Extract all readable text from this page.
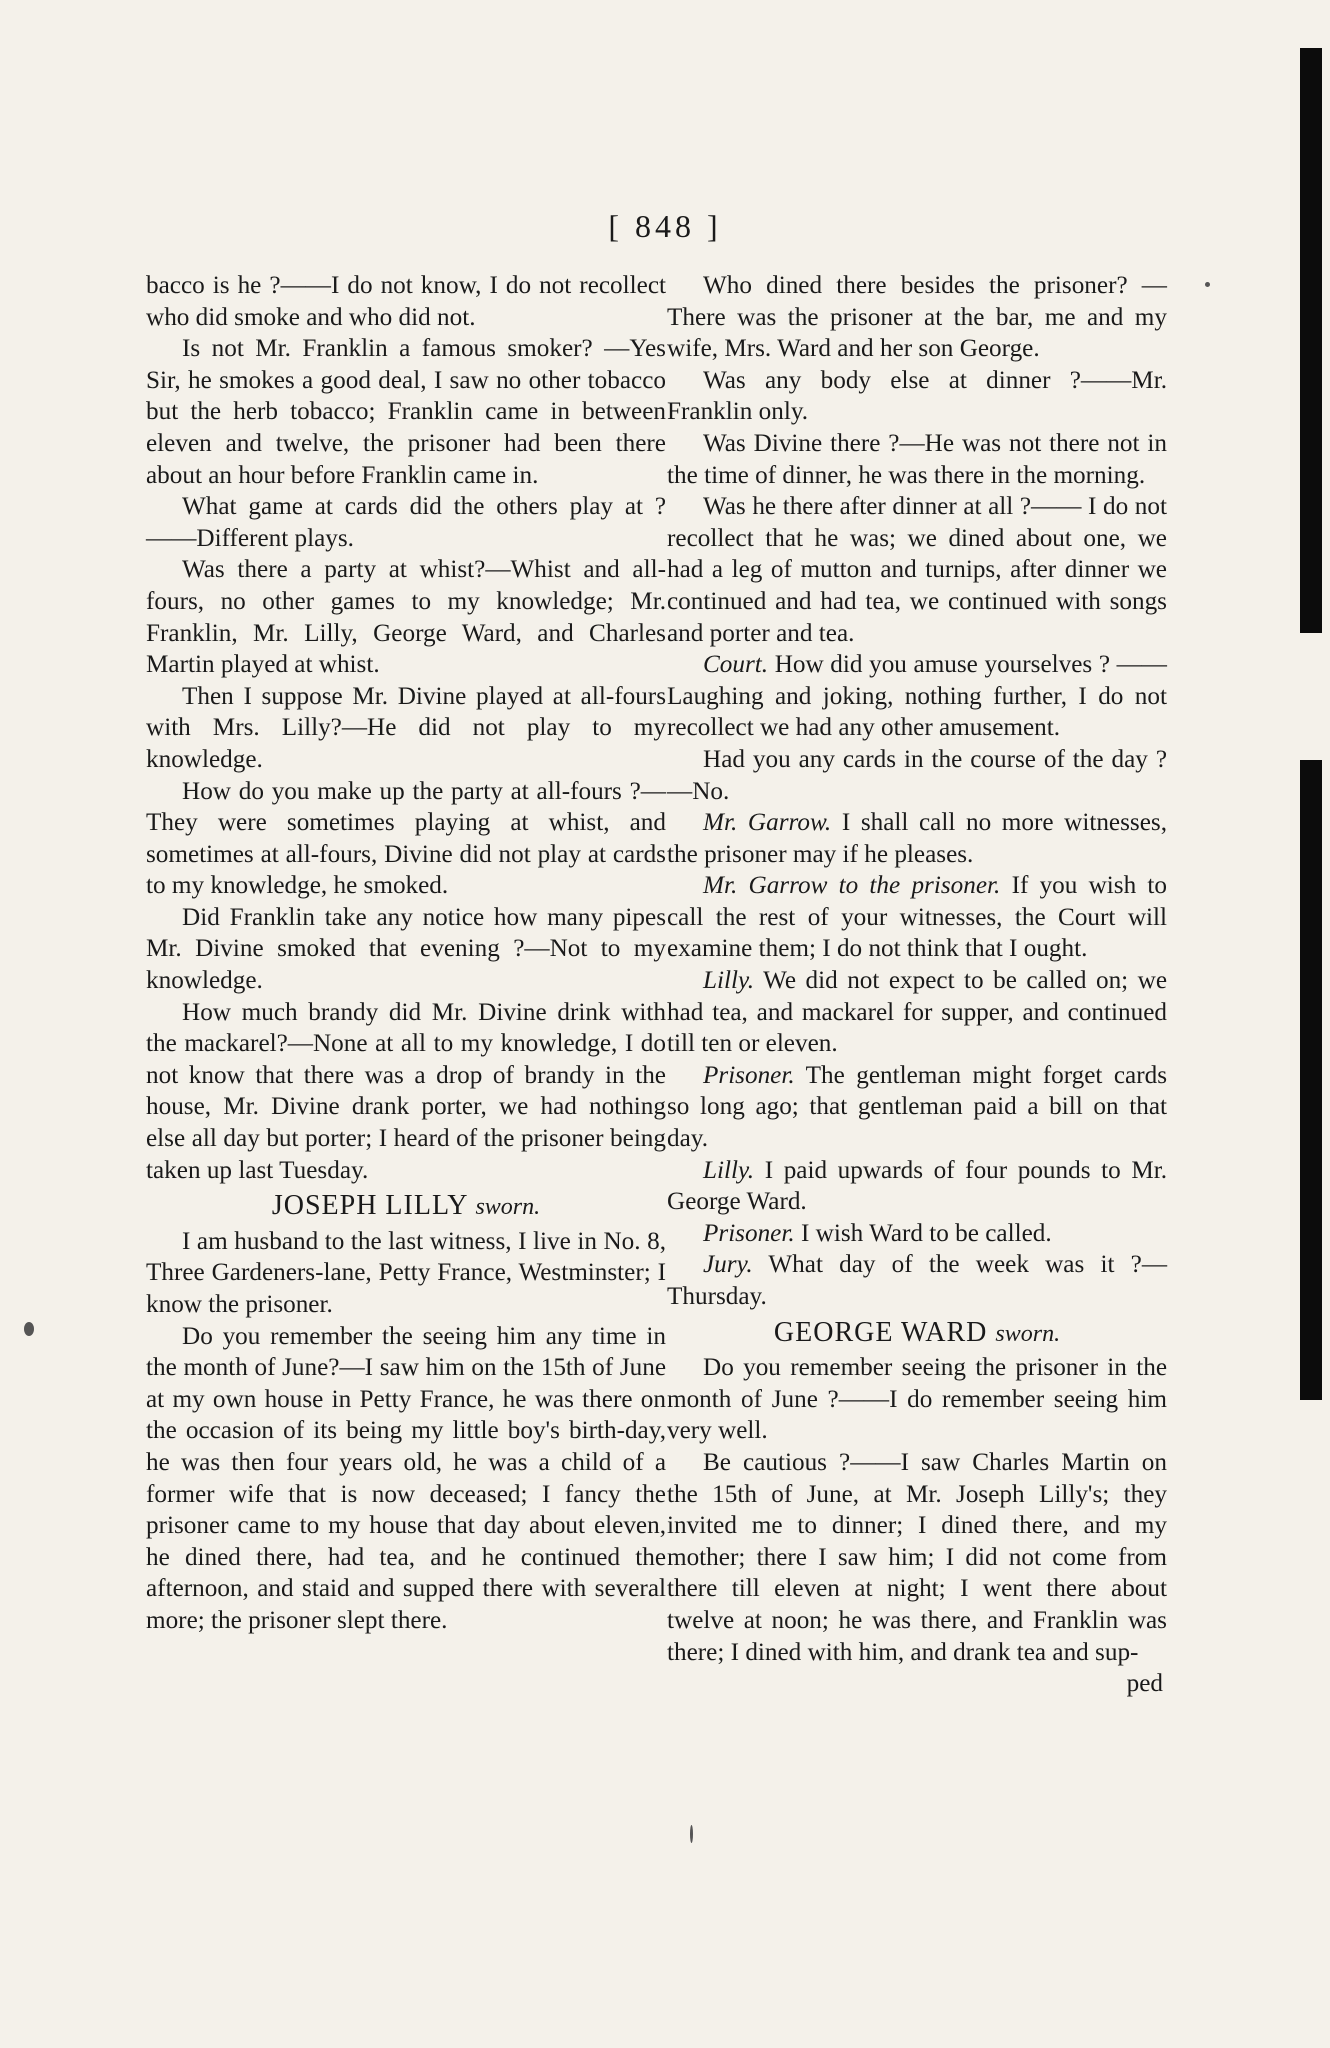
[ 848 ]

bacco is he ?——I do not know, I do not recollect who did smoke and who did not.

Is not Mr. Franklin a famous smoker? —Yes Sir, he smokes a good deal, I saw no other tobacco but the herb tobacco; Franklin came in between eleven and twelve, the prisoner had been there about an hour before Franklin came in.

What game at cards did the others play at ?——Different plays.

Was there a party at whist?—Whist and all-fours, no other games to my knowledge; Mr. Franklin, Mr. Lilly, George Ward, and Charles Martin played at whist.

Then I suppose Mr. Divine played at all-fours with Mrs. Lilly?—He did not play to my knowledge.

How do you make up the party at all-fours ?—They were sometimes playing at whist, and sometimes at all-fours, Divine did not play at cards to my knowledge, he smoked.

Did Franklin take any notice how many pipes Mr. Divine smoked that evening ?—Not to my knowledge.

How much brandy did Mr. Divine drink with the mackarel?—None at all to my knowledge, I do not know that there was a drop of brandy in the house, Mr. Divine drank porter, we had nothing else all day but porter; I heard of the prisoner being taken up last Tuesday.

JOSEPH LILLY sworn.

I am husband to the last witness, I live in No. 8, Three Gardeners-lane, Petty France, Westminster; I know the prisoner.

Do you remember the seeing him any time in the month of June?—I saw him on the 15th of June at my own house in Petty France, he was there on the occasion of its being my little boy's birth-day, he was then four years old, he was a child of a former wife that is now deceased; I fancy the prisoner came to my house that day about eleven, he dined there, had tea, and he continued the afternoon, and staid and supped there with several more; the prisoner slept there.

Who dined there besides the prisoner? —There was the prisoner at the bar, me and my wife, Mrs. Ward and her son George.

Was any body else at dinner ?——Mr. Franklin only.

Was Divine there ?—He was not there not in the time of dinner, he was there in the morning.

Was he there after dinner at all ?—— I do not recollect that he was; we dined about one, we had a leg of mutton and turnips, after dinner we continued and had tea, we continued with songs and porter and tea.

Court. How did you amuse yourselves ? ——Laughing and joking, nothing further, I do not recollect we had any other amusement.

Had you any cards in the course of the day ?—No.

Mr. Garrow. I shall call no more witnesses, the prisoner may if he pleases.

Mr. Garrow to the prisoner. If you wish to call the rest of your witnesses, the Court will examine them; I do not think that I ought.

Lilly. We did not expect to be called on; we had tea, and mackarel for supper, and continued till ten or eleven.

Prisoner. The gentleman might forget cards so long ago; that gentleman paid a bill on that day.

Lilly. I paid upwards of four pounds to Mr. George Ward.

Prisoner. I wish Ward to be called.

Jury. What day of the week was it ?— Thursday.

GEORGE WARD sworn.

Do you remember seeing the prisoner in the month of June ?——I do remember seeing him very well.

Be cautious ?——I saw Charles Martin on the 15th of June, at Mr. Joseph Lilly's; they invited me to dinner; I dined there, and my mother; there I saw him; I did not come from there till eleven at night; I went there about twelve at noon; he was there, and Franklin was there; I dined with him, and drank tea and sup-

ped
